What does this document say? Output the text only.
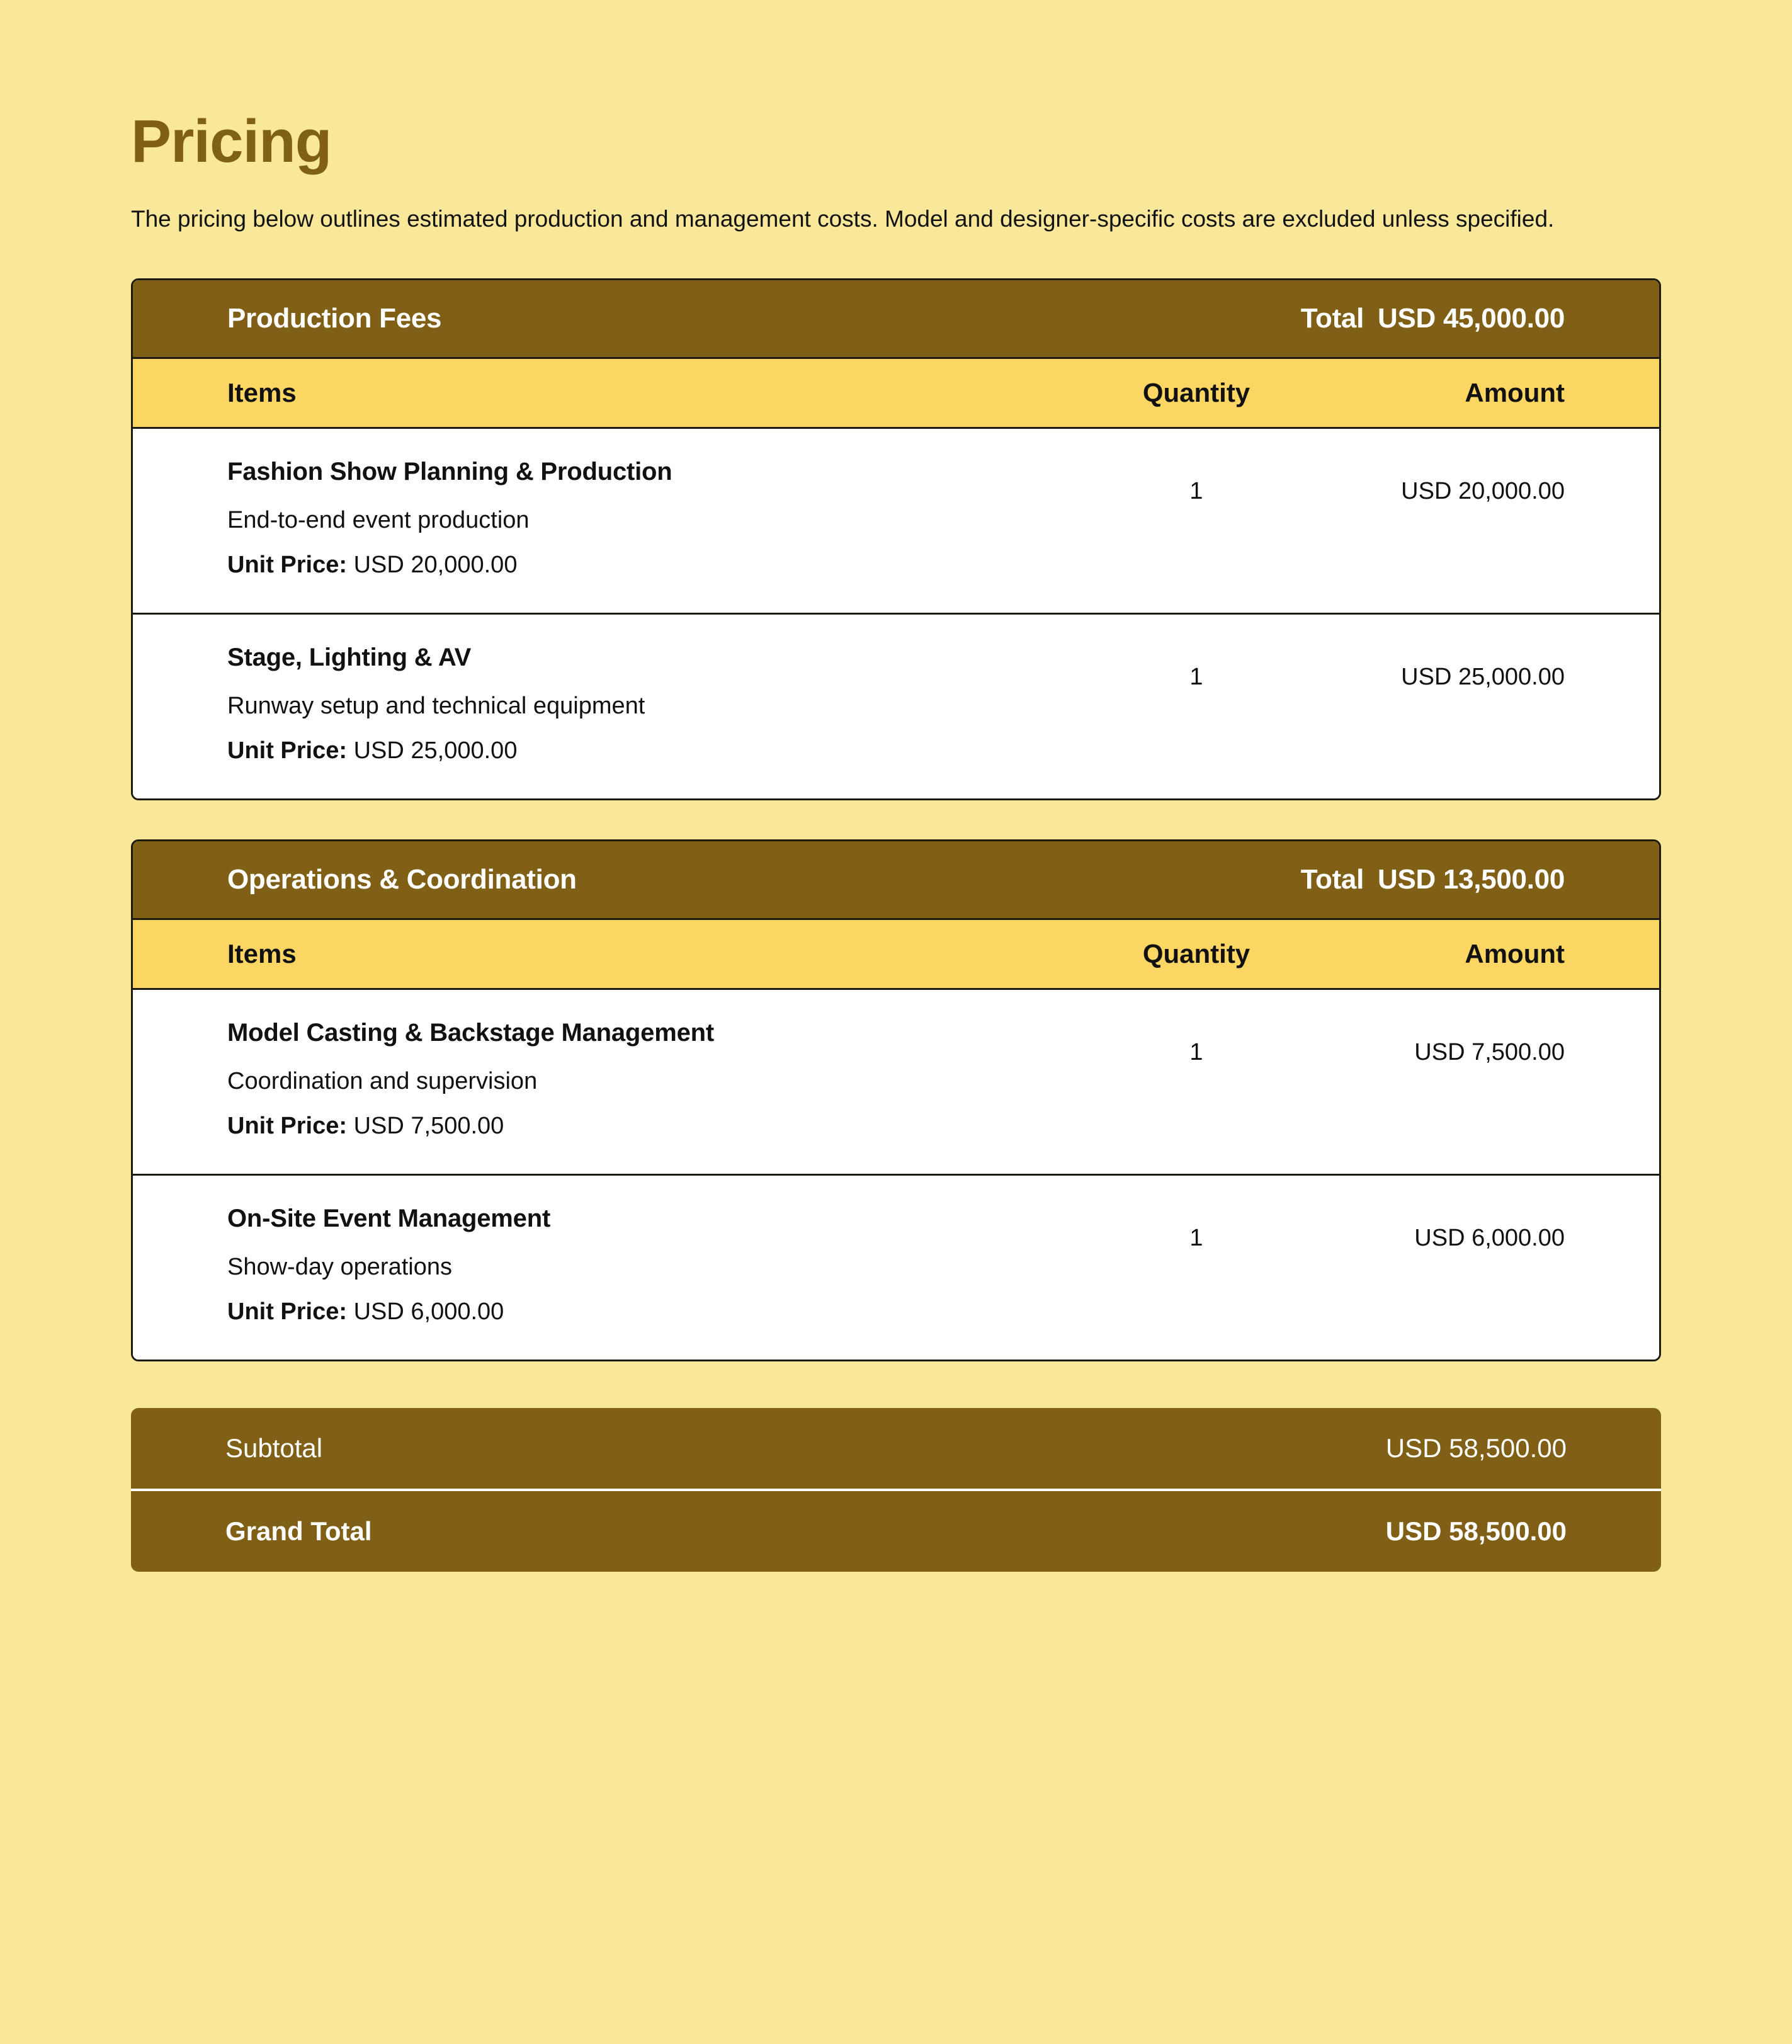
Pricing

The pricing below outlines estimated production and management costs. Model and designer-specific costs are excluded unless specified.

Production Fees	Total USD 45,000.00
Items	Quantity	Amount
Fashion Show Planning & Production
End-to-end event production
Unit Price: USD 20,000.00
1	USD 20,000.00
Stage, Lighting & AV
Runway setup and technical equipment
Unit Price: USD 25,000.00
1	USD 25,000.00
Operations & Coordination	Total USD 13,500.00
Items	Quantity	Amount
Model Casting & Backstage Management
Coordination and supervision
Unit Price: USD 7,500.00
1	USD 7,500.00
On-Site Event Management
Show-day operations
Unit Price: USD 6,000.00
1	USD 6,000.00
Subtotal	USD 58,500.00
Grand Total	USD 58,500.00
